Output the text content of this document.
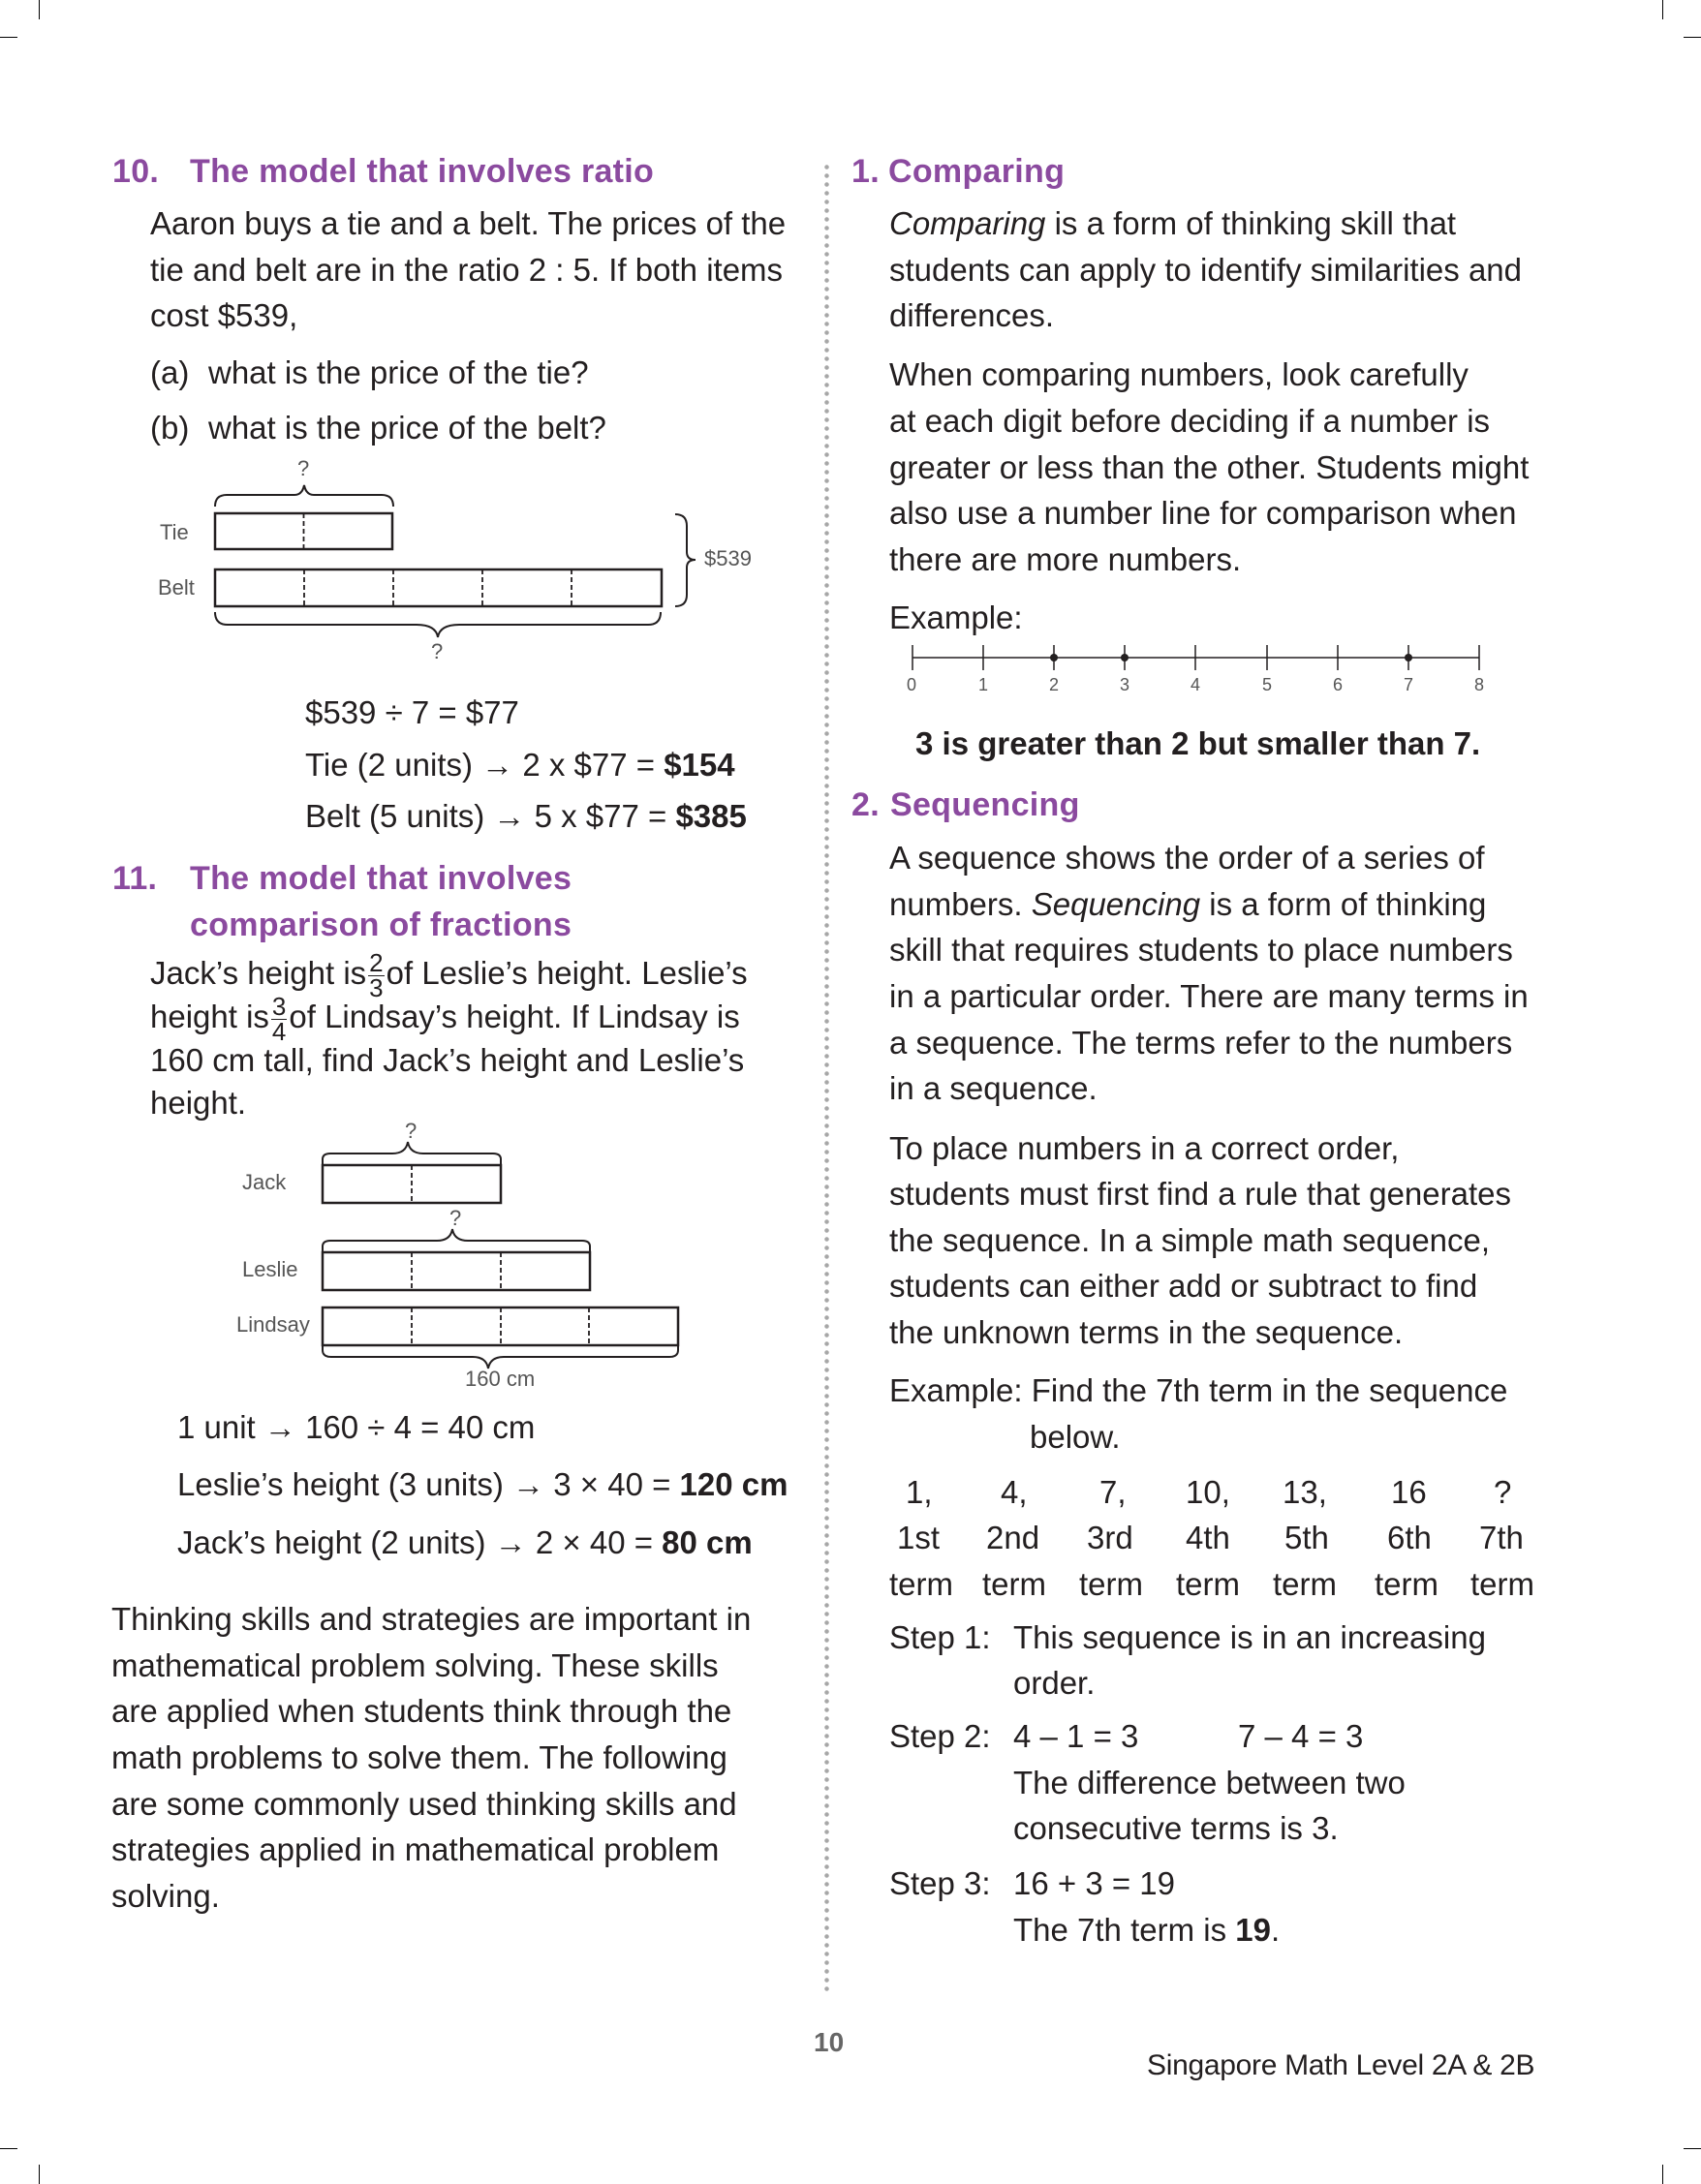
10. The model that involves ratio
Aaron buys a tie and a belt. The prices of the
tie and belt are in the ratio 2 : 5. If both items
cost $539,
(a) what is the price of the tie?
(b) what is the price of the belt?
?
Tie
Belt
?
$539
$539 ÷ 7 = $77
Tie (2 units) → 2 x $77 = $154
Belt (5 units) → 5 x $77 = $385
11. The model that involves
comparison of fractions
Jack’s height is $\frac{2}{3}$ of Leslie’s height. Leslie’s
height is $\frac{3}{4}$ of Lindsay’s height. If Lindsay is
160 cm tall, find Jack’s height and Leslie’s
height.
?
Jack
?
Leslie
Lindsay
160 cm
1 unit → 160 ÷ 4 = 40 cm
Leslie’s height (3 units) → 3 × 40 = 120 cm
Jack’s height (2 units) → 2 × 40 = 80 cm
Thinking skills and strategies are important in
mathematical problem solving. These skills
are applied when students think through the
math problems to solve them. The following
are some commonly used thinking skills and
strategies applied in mathematical problem
solving.
1. Comparing
Comparing is a form of thinking skill that
students can apply to identify similarities and
differences.
When comparing numbers, look carefully
at each digit before deciding if a number is
greater or less than the other. Students might
also use a number line for comparison when
there are more numbers.
Example:
0	1	2	3	4	5	6	7	8
3 is greater than 2 but smaller than 7.
2. Sequencing
A sequence shows the order of a series of
numbers. Sequencing is a form of thinking
skill that requires students to place numbers
in a particular order. There are many terms in
a sequence. The terms refer to the numbers
in a sequence.
To place numbers in a correct order,
students must first find a rule that generates
the sequence. In a simple math sequence,
students can either add or subtract to find
the unknown terms in the sequence.
Example: Find the 7th term in the sequence
below.
1, 4, 7, 10, 13, 16 ?
1st 2nd 3rd 4th 5th 6th 7th
term term term term term term term
Step 1: This sequence is in an increasing
order.
Step 2: 4 – 1 = 3	7 – 4 = 3
The difference between two
consecutive terms is 3.
Step 3: 16 + 3 = 19
The 7th term is 19.
10
Singapore Math Level 2A & 2B
